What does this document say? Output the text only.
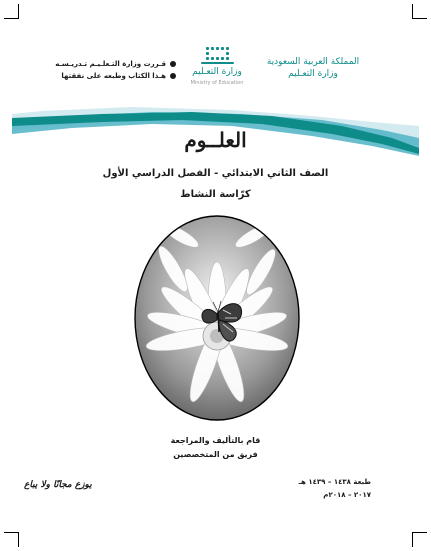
المملكة العربية السعودية
وزارة التعـليم
وزارة التعـليم
Ministry of Education
قـررت وزارة التـعلـيـم تـدريـسـه
هـذا الكتاب وطبعه على نفقتها
العلــوم
الصف الثاني الابتدائي - الفصل الدراسي الأول
كرّاسة النشاط
قام بالتأليف والمراجعة
فريق من المتخصصين
يوزع مجانًا ولا يباع	طبعة ١٤٣٨ – ١٤٣٩ هـ
٢٠١٧ – ٢٠١٨م
